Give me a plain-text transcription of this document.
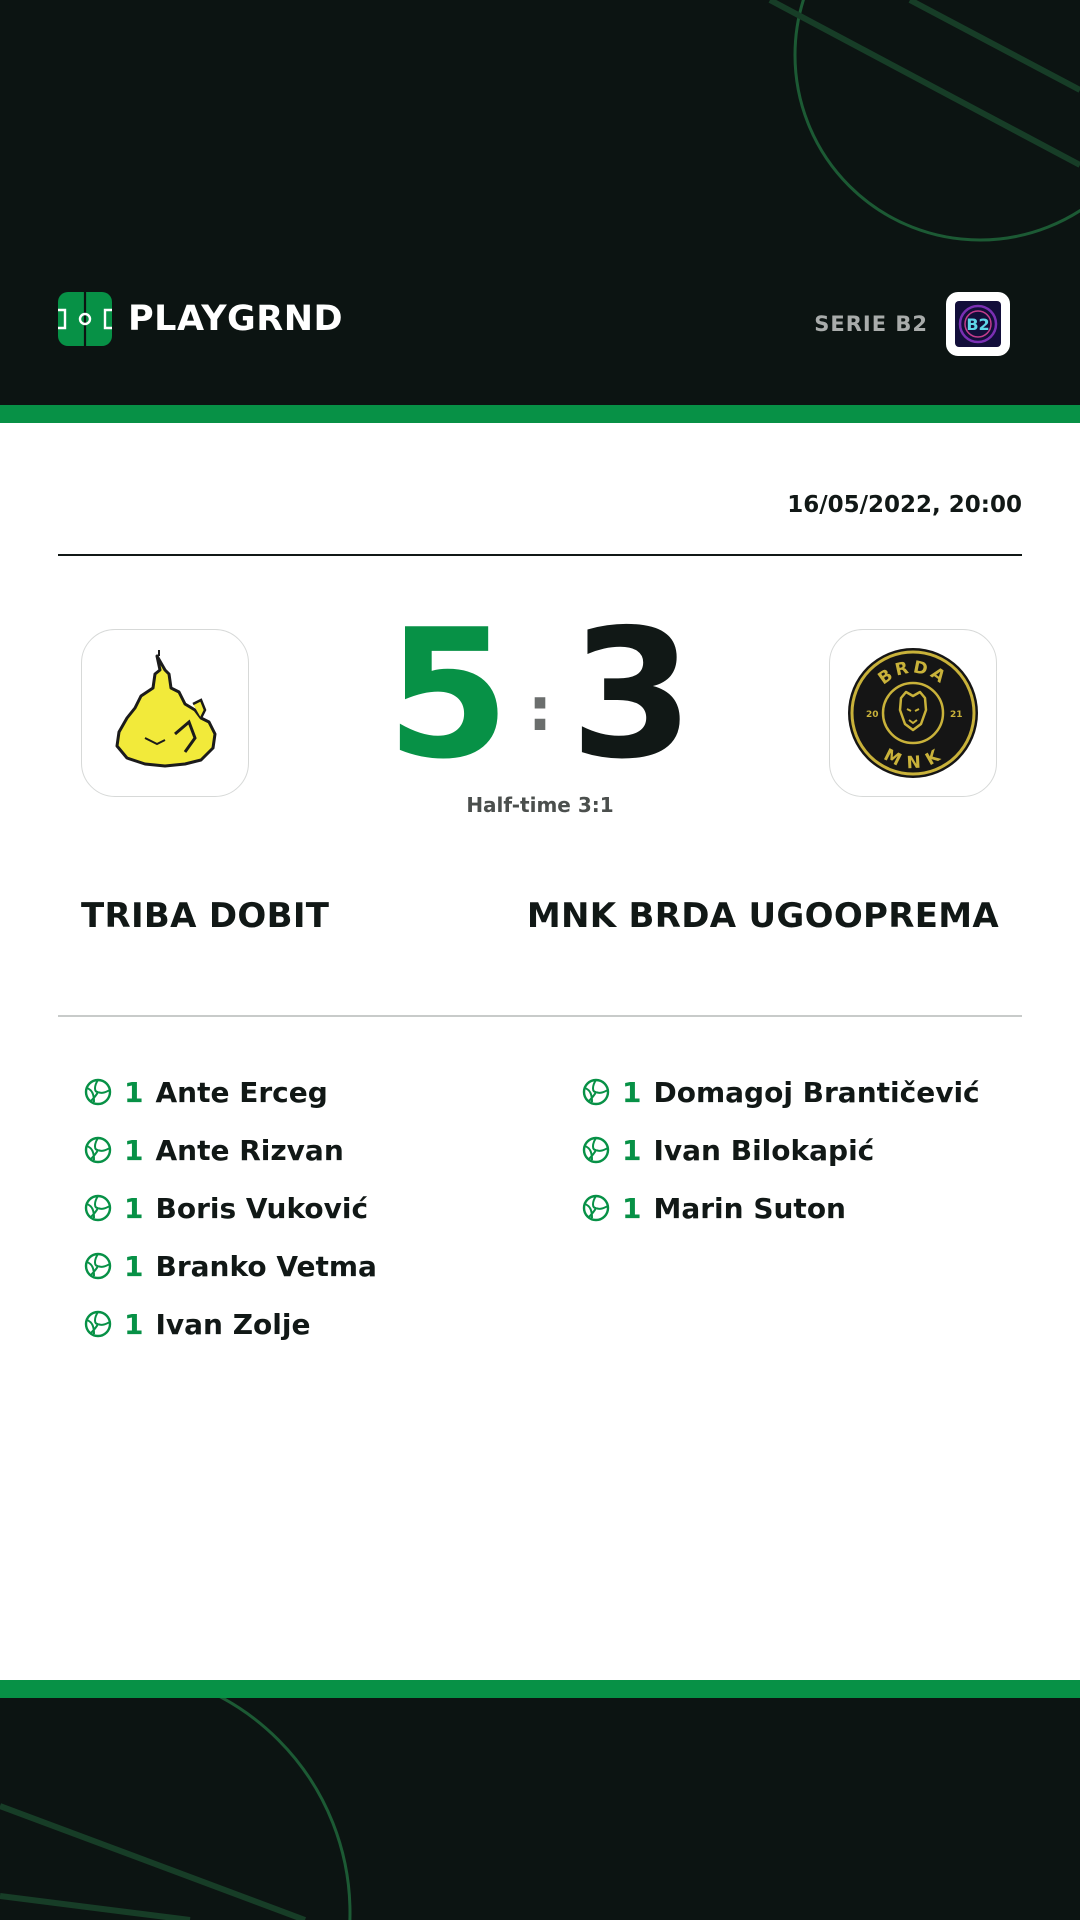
PLAYGRND	SERIE B2 B2
16/05/2022, 20:00
5 : 3
Half-time 3:1
BRDA
MNK
20	21
TRIBA DOBIT	MNK BRDA UGOOPREMA
1 Ante Erceg
1 Ante Rizvan
1 Boris Vuković
1 Branko Vetma
1 Ivan Zolje
1 Domagoj Brantičević
1 Ivan Bilokapić
1 Marin Suton
